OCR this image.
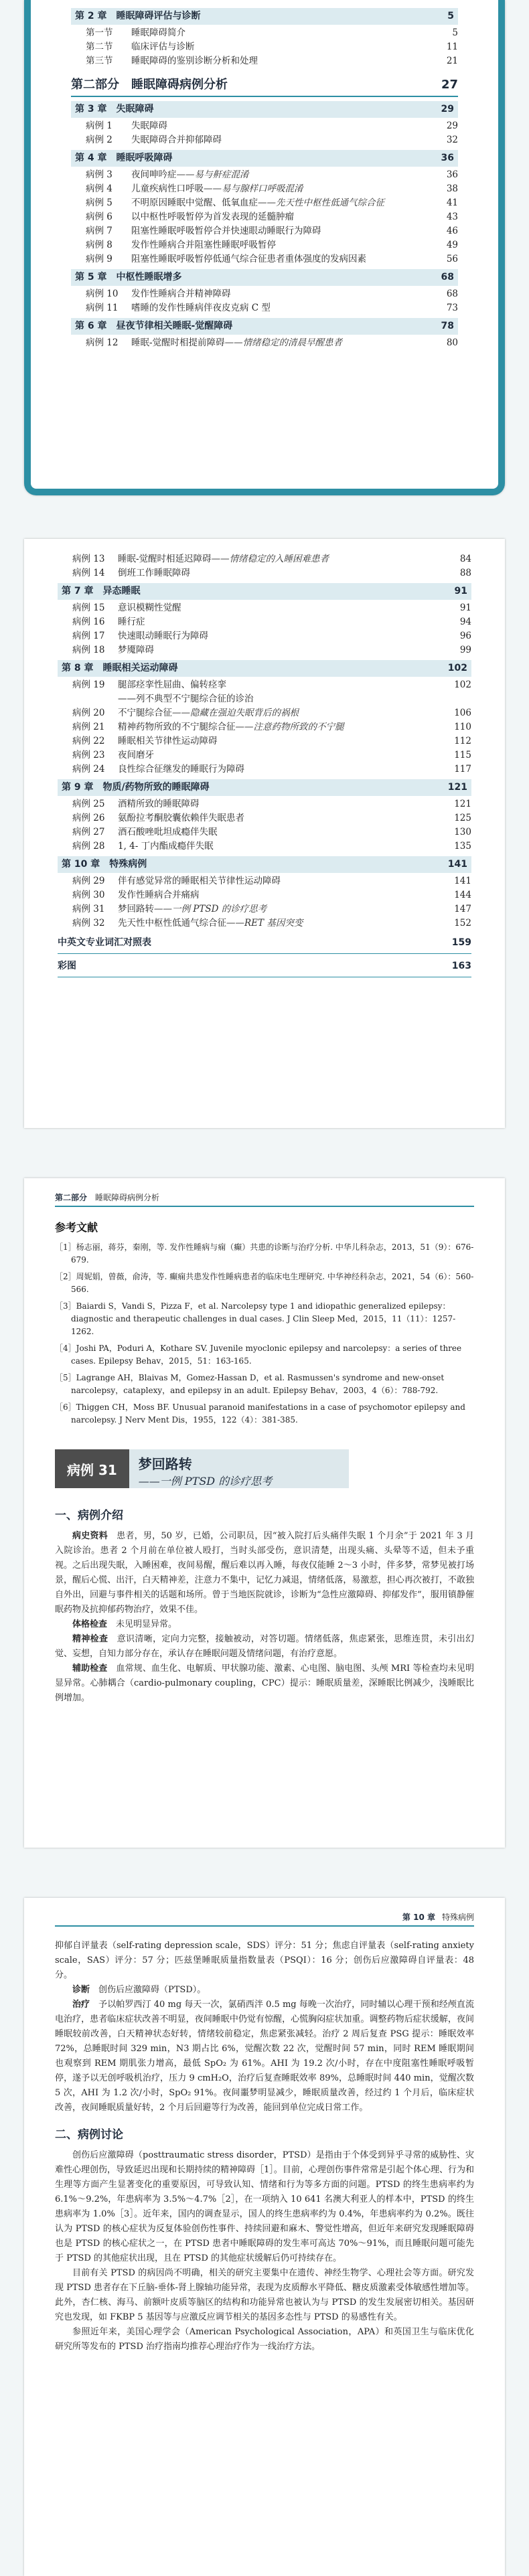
第 2 章 睡眠障碍评估与诊断	5
第一节 睡眠障碍简介	5
第二节 临床评估与诊断	11
第三节 睡眠障碍的鉴别诊断分析和处理	21
第二部分　睡眠障碍病例分析	27
第 3 章 失眠障碍	29
病例 1 失眠障碍	29
病例 2 失眠障碍合并抑郁障碍	32
第 4 章 睡眠呼吸障碍	36
病例 3 夜间呻吟症——易与鼾症混淆	36
病例 4 儿童疾病性口呼吸——易与腺样口呼吸混淆	38
病例 5 不明原因睡眠中觉醒、低氧血症——先天性中枢性低通气综合征	41
病例 6 以中枢性呼吸暂停为首发表现的延髓肿瘤	43
病例 7 阻塞性睡眠呼吸暂停合并快速眼动睡眠行为障碍	46
病例 8 发作性睡病合并阻塞性睡眠呼吸暂停	49
病例 9 阻塞性睡眠呼吸暂停低通气综合征患者重体强度的发病因素	56
第 5 章 中枢性睡眠增多	68
病例 10 发作性睡病合并精神障碍	68
病例 11 嗜睡的发作性睡病伴夜皮克病 C 型	73
第 6 章 昼夜节律相关睡眠-觉醒障碍	78
病例 12 睡眠-觉醒时相提前障碍——情绪稳定的清晨早醒患者	80
病例 13 睡眠-觉醒时相延迟障碍——情绪稳定的入睡困难患者	84
病例 14 倒班工作睡眠障碍	88
第 7 章 异态睡眠	91
病例 15 意识模糊性觉醒	91
病例 16 睡行症	94
病例 17 快速眼动睡眠行为障碍	96
病例 18 梦魇障碍	99
第 8 章 睡眠相关运动障碍	102
病例 19 腿部痉挛性屈曲、偏转痉挛	102
——列不典型不宁腿综合征的诊治
病例 20 不宁腿综合征——隐藏在强迫失眠背后的祸根	106
病例 21 精神药物所致的不宁腿综合征——注意药物所致的不宁腿	110
病例 22 睡眠相关节律性运动障碍	112
病例 23 夜间磨牙	115
病例 24 良性综合征继发的睡眠行为障碍	117
第 9 章 物质/药物所致的睡眠障碍	121
病例 25 酒精所致的睡眠障碍	121
病例 26 氨酚拉考酮胶囊依赖伴失眠患者	125
病例 27 酒石酸唑吡坦成瘾伴失眠	130
病例 28 1, 4- 丁内酯成瘾伴失眠	135
第 10 章 特殊病例	141
病例 29 伴有感觉异常的睡眠相关节律性运动障碍	141
病例 30 发作性睡病合并痛病	144
病例 31 梦回路转——一例 PTSD 的诊疗思考	147
病例 32 先天性中枢性低通气综合征——RET 基因突变	152
中英文专业词汇对照表	159
彩图	163
第二部分　 睡眠障碍病例分析
参考文献

［1］杨志丽，蒋芬，秦刚，等. 发作性睡病与痫（癫）共患的诊断与治疗分析. 中华儿科杂志，2013，51（9）：676-679.

［2］周妮娟，曾薇，俞涛，等. 癫痫共患发作性睡病患者的临床电生理研究. 中华神经科杂志，2021，54（6）：560-566.

［3］Baiardi S，Vandi S，Pizza F，et al. Narcolepsy type 1 and idiopathic generalized epilepsy：diagnostic and therapeutic challenges in dual cases. J Clin Sleep Med，2015，11（11）：1257-1262.

［4］Joshi PA，Poduri A，Kothare SV. Juvenile myoclonic epilepsy and narcolepsy：a series of three cases. Epilepsy Behav，2015，51：163-165.

［5］Lagrange AH，Blaivas M，Gomez-Hassan D，et al. Rasmussen's syndrome and new-onset narcolepsy，cataplexy，and epilepsy in an adult. Epilepsy Behav，2003，4（6）：788-792.

［6］Thiggen CH，Moss BF. Unusual paranoid manifestations in a case of psychomotor epilepsy and narcolepsy. J Nerv Ment Dis，1955，122（4）：381-385.

病例 31	梦回路转
——一例 PTSD 的诊疗思考
一、病例介绍

病史资料　患者，男，50 岁，已婚，公司职员，因“被入院打后头痛伴失眠 1 个月余”于 2021 年 3 月入院诊治。患者 2 个月前在单位被人殴打，当时头部受伤，意识清楚，出现头痛、头晕等不适，但未予重视。之后出现失眠，入睡困难，夜间易醒，醒后难以再入睡，每夜仅能睡 2～3 小时，伴多梦，常梦见被打场景，醒后心慌、出汗，白天精神差，注意力不集中，记忆力减退，情绪低落，易激惹，担心再次被打，不敢独自外出，回避与事件相关的话题和场所。曾于当地医院就诊，诊断为“急性应激障碍、抑郁发作”，服用镇静催眠药物及抗抑郁药物治疗，效果不佳。

体格检查　未见明显异常。

精神检查　意识清晰，定向力完整，接触被动，对答切题。情绪低落，焦虑紧张，思维连贯，未引出幻觉、妄想，自知力部分存在，承认存在睡眠问题及情绪问题，有治疗意愿。

辅助检查　血常规、血生化、电解质、甲状腺功能、激素、心电图、脑电图、头颅 MRI 等检查均未见明显异常。心肺耦合（cardio-pulmonary coupling，CPC）提示：睡眠质量差，深睡眠比例减少，浅睡眠比例增加。

第 10 章 特殊病例

抑郁自评量表（self-rating depression scale，SDS）评分：51 分；焦虑自评量表（self-rating anxiety scale，SAS）评分：57 分；匹兹堡睡眠质量指数量表（PSQI）：16 分；创伤后应激障碍自评量表：48 分。

诊断　创伤后应激障碍（PTSD）。

治疗　予以帕罗西汀 40 mg 每天一次，氯硝西泮 0.5 mg 每晚一次治疗，同时辅以心理干预和经颅直流电治疗，患者临床症状改善不明显，夜间睡眠中仍觉有惊醒，心慌胸闷症状加重。调整药物后症状缓解，夜间睡眠较前改善，白天精神状态好转，情绪较前稳定，焦虑紧张减轻。治疗 2 周后复查 PSG 提示：睡眠效率 72%，总睡眠时间 329 min，N3 期占比 6%，觉醒次数 22 次，觉醒时间 57 min，同时 REM 睡眠期间也观察到 REM 期肌张力增高，最低 SpO₂ 为 61%。AHI 为 19.2 次/小时，存在中度阻塞性睡眠呼吸暂停，遂予以无创呼吸机治疗，压力 9 cmH₂O，治疗后复查睡眠效率 89%，总睡眠时间 440 min，觉醒次数 5 次，AHI 为 1.2 次/小时，SpO₂ 91%。夜间噩梦明显减少，睡眠质量改善，经过约 1 个月后，临床症状改善，夜间睡眠质量好转，2 个月后回避等行为改善，能回到单位完成日常工作。

二、病例讨论

创伤后应激障碍（posttraumatic stress disorder，PTSD）是指由于个体受到异乎寻常的威胁性、灾难性心理创伤，导致延迟出现和长期持续的精神障碍［1］。目前，心理创伤事件常常是引起个体心理、行为和生理等方面产生显著变化的重要原因，可导致认知、情绪和行为等多方面的问题。PTSD 的终生患病率约为 6.1%～9.2%，年患病率为 3.5%～4.7%［2］，在一项纳入 10 641 名澳大利亚人的样本中，PTSD 的终生患病率为 1.0%［3］。近年来，国内的调查显示，国人的终生患病率约为 0.4%，年患病率约为 0.2%。既往认为 PTSD 的核心症状为反复体验创伤性事件、持续回避和麻木、警觉性增高，但近年来研究发现睡眠障碍也是 PTSD 的核心症状之一，在 PTSD 患者中睡眠障碍的发生率可高达 70%～91%，而且睡眠问题可能先于 PTSD 的其他症状出现，且在 PTSD 的其他症状缓解后仍可持续存在。

目前有关 PTSD 的病因尚不明确，相关的研究主要集中在遗传、神经生物学、心理社会等方面。研究发现 PTSD 患者存在下丘脑-垂体-肾上腺轴功能异常，表现为皮质醇水平降低、糖皮质激素受体敏感性增加等。此外，杏仁核、海马、前额叶皮质等脑区的结构和功能异常也被认为与 PTSD 的发生发展密切相关。基因研究也发现，如 FKBP 5 基因等与应激反应调节相关的基因多态性与 PTSD 的易感性有关。

参照近年来，美国心理学会（American Psychological Association，APA）和英国卫生与临床优化研究所等发布的 PTSD 治疗指南均推荐心理治疗作为一线治疗方法。
